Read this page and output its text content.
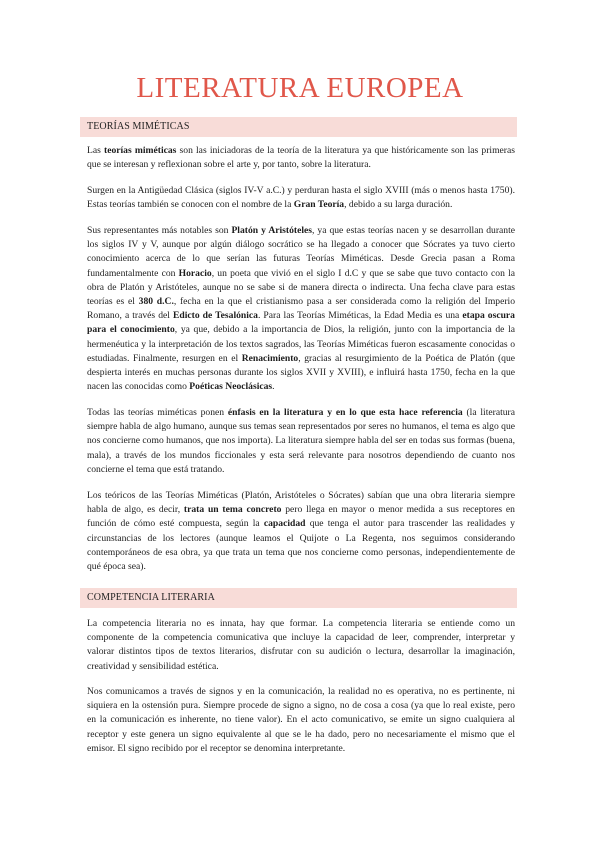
LITERATURA EUROPEA
TEORÍAS MIMÉTICAS

Las teorías miméticas son las iniciadoras de la teoría de la literatura ya que históricamente son las primeras que se interesan y reflexionan sobre el arte y, por tanto, sobre la literatura.

Surgen en la Antigüedad Clásica (siglos IV-V a.C.) y perduran hasta el siglo XVIII (más o menos hasta 1750). Estas teorías también se conocen con el nombre de la Gran Teoría, debido a su larga duración.

Sus representantes más notables son Platón y Aristóteles, ya que estas teorías nacen y se desarrollan durante los siglos IV y V, aunque por algún diálogo socrático se ha llegado a conocer que Sócrates ya tuvo cierto conocimiento acerca de lo que serían las futuras Teorías Miméticas. Desde Grecia pasan a Roma fundamentalmente con Horacio, un poeta que vivió en el siglo I d.C y que se sabe que tuvo contacto con la obra de Platón y Aristóteles, aunque no se sabe si de manera directa o indirecta. Una fecha clave para estas teorías es el 380 d.C., fecha en la que el cristianismo pasa a ser considerada como la religión del Imperio Romano, a través del Edicto de Tesalónica. Para las Teorías Miméticas, la Edad Media es una etapa oscura para el conocimiento, ya que, debido a la importancia de Dios, la religión, junto con la importancia de la hermenéutica y la interpretación de los textos sagrados, las Teorías Miméticas fueron escasamente conocidas o estudiadas. Finalmente, resurgen en el Renacimiento, gracias al resurgimiento de la Poética de Platón (que despierta interés en muchas personas durante los siglos XVII y XVIII), e influirá hasta 1750, fecha en la que nacen las conocidas como Poéticas Neoclásicas.

Todas las teorías miméticas ponen énfasis en la literatura y en lo que esta hace referencia (la literatura siempre habla de algo humano, aunque sus temas sean representados por seres no humanos, el tema es algo que nos concierne como humanos, que nos importa). La literatura siempre habla del ser en todas sus formas (buena, mala), a través de los mundos ficcionales y esta será relevante para nosotros dependiendo de cuanto nos concierne el tema que está tratando.

Los teóricos de las Teorías Miméticas (Platón, Aristóteles o Sócrates) sabían que una obra literaria siempre habla de algo, es decir, trata un tema concreto pero llega en mayor o menor medida a sus receptores en función de cómo esté compuesta, según la capacidad que tenga el autor para trascender las realidades y circunstancias de los lectores (aunque leamos el Quijote o La Regenta, nos seguimos considerando contemporáneos de esa obra, ya que trata un tema que nos concierne como personas, independientemente de qué época sea).

COMPETENCIA LITERARIA

La competencia literaria no es innata, hay que formar. La competencia literaria se entiende como un componente de la competencia comunicativa que incluye la capacidad de leer, comprender, interpretar y valorar distintos tipos de textos literarios, disfrutar con su audición o lectura, desarrollar la imaginación, creatividad y sensibilidad estética.

Nos comunicamos a través de signos y en la comunicación, la realidad no es operativa, no es pertinente, ni siquiera en la ostensión pura. Siempre procede de signo a signo, no de cosa a cosa (ya que lo real existe, pero en la comunicación es inherente, no tiene valor). En el acto comunicativo, se emite un signo cualquiera al receptor y este genera un signo equivalente al que se le ha dado, pero no necesariamente el mismo que el emisor. El signo recibido por el receptor se denomina interpretante.
